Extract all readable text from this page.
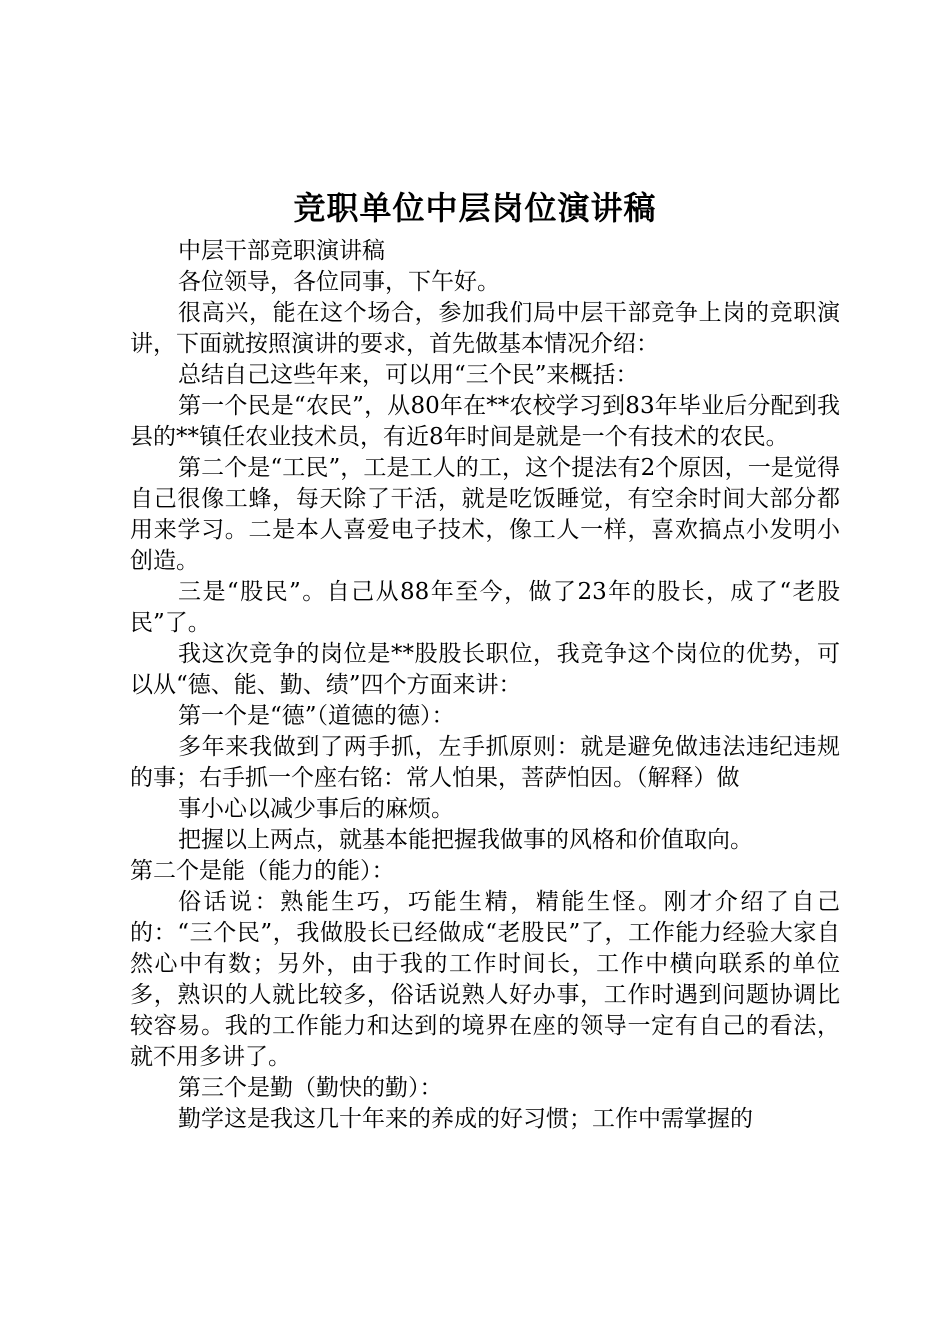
竞职单位中层岗位演讲稿

中层干部竞职演讲稿

各位领导，各位同事，下午好。

很高兴，能在这个场合，参加我们局中层干部竞争上岗的竞职演讲，下面就按照演讲的要求，首先做基本情况介绍：

总结自己这些年来，可以用“三个民”来概括：

第一个民是“农民”，从80年在**农校学习到83年毕业后分配到我县的**镇任农业技术员，有近8年时间是就是一个有技术的农民。

第二个是“工民”，工是工人的工，这个提法有2个原因，一是觉得自己很像工蜂，每天除了干活，就是吃饭睡觉，有空余时间大部分都用来学习。二是本人喜爱电子技术，像工人一样，喜欢搞点小发明小创造。

三是“股民”。自己从88年至今，做了23年的股长，成了“老股民”了。

我这次竞争的岗位是**股股长职位，我竞争这个岗位的优势，可以从“德、能、勤、绩”四个方面来讲：

第一个是“德”（道德的德）：

多年来我做到了两手抓，左手抓原则：就是避免做违法违纪违规的事；右手抓一个座右铭：常人怕果，菩萨怕因。（解释）做

事小心以减少事后的麻烦。

把握以上两点，就基本能把握我做事的风格和价值取向。

第二个是能（能力的能）：

俗话说：熟能生巧，巧能生精，精能生怪。刚才介绍了自己的：“三个民”，我做股长已经做成“老股民”了，工作能力经验大家自然心中有数；另外，由于我的工作时间长，工作中横向联系的单位多，熟识的人就比较多，俗话说熟人好办事，工作时遇到问题协调比较容易。我的工作能力和达到的境界在座的领导一定有自己的看法，就不用多讲了。

第三个是勤（勤快的勤）：

勤学这是我这几十年来的养成的好习惯；工作中需掌握的
